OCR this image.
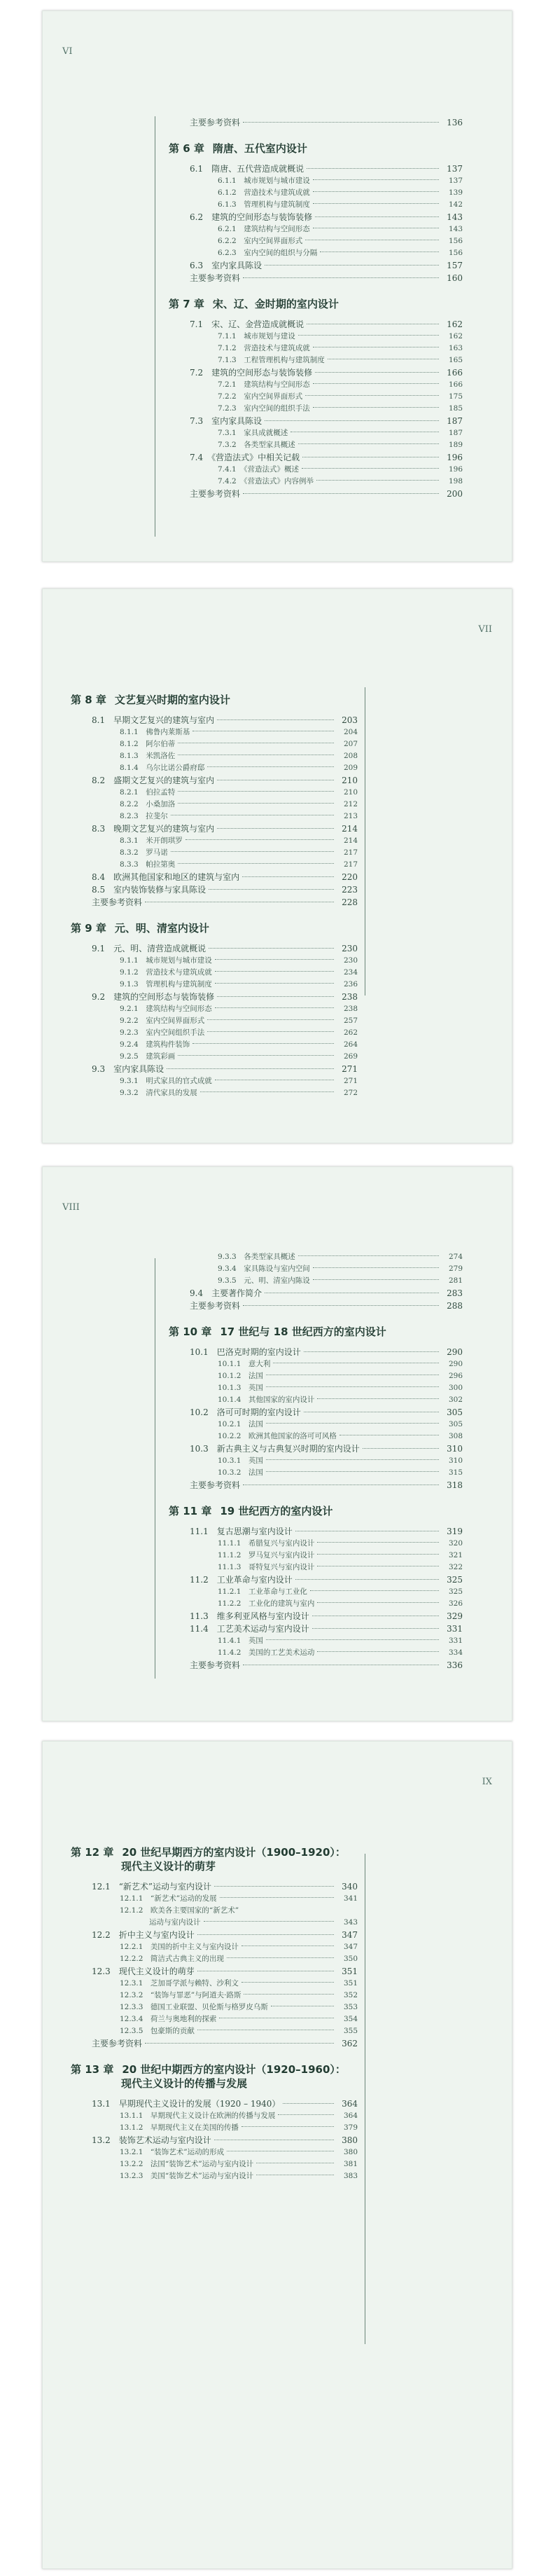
VI
主要参考资料	136
第 6 章 隋唐、五代室内设计
6.1　隋唐、五代营造成就概说	137
6.1.1　城市规划与城市建设	137
6.1.2　营造技术与建筑成就	139
6.1.3　管理机构与建筑制度	142
6.2　建筑的空间形态与装饰装修	143
6.2.1　建筑结构与空间形态	143
6.2.2　室内空间界面形式	156
6.2.3　室内空间的组织与分隔	156
6.3　室内家具陈设	157
主要参考资料	160
第 7 章 宋、辽、金时期的室内设计
7.1　宋、辽、金营造成就概说	162
7.1.1　城市规划与建设	162
7.1.2　营造技术与建筑成就	163
7.1.3　工程管理机构与建筑制度	165
7.2　建筑的空间形态与装饰装修	166
7.2.1　建筑结构与空间形态	166
7.2.2　室内空间界面形式	175
7.2.3　室内空间的组织手法	185
7.3　室内家具陈设	187
7.3.1　家具成就概述	187
7.3.2　各类型家具概述	189
7.4　《营造法式》中相关记载	196
7.4.1　《营造法式》概述	196
7.4.2　《营造法式》内容例举	198
主要参考资料	200
VII
第 8 章 文艺复兴时期的室内设计
8.1　早期文艺复兴的建筑与室内	203
8.1.1　佛鲁内莱斯基	204
8.1.2　阿尔伯蒂	207
8.1.3　米凯洛佐	208
8.1.4　乌尔比诺公爵府邸	209
8.2　盛期文艺复兴的建筑与室内	210
8.2.1　伯拉孟特	210
8.2.2　小桑加洛	212
8.2.3　拉斐尔	213
8.3　晚期文艺复兴的建筑与室内	214
8.3.1　米开朗琪罗	214
8.3.2　罗马诺	217
8.3.3　帕拉第奥	217
8.4　欧洲其他国家和地区的建筑与室内	220
8.5　室内装饰装修与家具陈设	223
主要参考资料	228
第 9 章 元、明、清室内设计
9.1　元、明、清营造成就概说	230
9.1.1　城市规划与城市建设	230
9.1.2　营造技术与建筑成就	234
9.1.3　管理机构与建筑制度	236
9.2　建筑的空间形态与装饰装修	238
9.2.1　建筑结构与空间形态	238
9.2.2　室内空间界面形式	257
9.2.3　室内空间组织手法	262
9.2.4　建筑构件装饰	264
9.2.5　建筑彩画	269
9.3　室内家具陈设	271
9.3.1　明式家具的官式成就	271
9.3.2　清代家具的发展	272
VIII
9.3.3　各类型家具概述	274
9.3.4　家具陈设与室内空间	279
9.3.5　元、明、清室内陈设	281
9.4　主要著作简介	283
主要参考资料	288
第 10 章 17 世纪与 18 世纪西方的室内设计
10.1　巴洛克时期的室内设计	290
10.1.1　意大利	290
10.1.2　法国	296
10.1.3　英国	300
10.1.4　其他国家的室内设计	302
10.2　洛可可时期的室内设计	305
10.2.1　法国	305
10.2.2　欧洲其他国家的洛可可风格	308
10.3　新古典主义与古典复兴时期的室内设计	310
10.3.1　英国	310
10.3.2　法国	315
主要参考资料	318
第 11 章 19 世纪西方的室内设计
11.1　复古思潮与室内设计	319
11.1.1　希腊复兴与室内设计	320
11.1.2　罗马复兴与室内设计	321
11.1.3　哥特复兴与室内设计	322
11.2　工业革命与室内设计	325
11.2.1　工业革命与工业化	325
11.2.2　工业化的建筑与室内	326
11.3　维多利亚风格与室内设计	329
11.4　工艺美术运动与室内设计	331
11.4.1　英国	331
11.4.2　美国的工艺美术运动	334
主要参考资料	336
IX
第 12 章 20 世纪早期西方的室内设计（1900–1920）：
现代主义设计的萌芽
12.1　“新艺术”运动与室内设计	340
12.1.1　“新艺术”运动的发展	341
12.1.2　欧美各主要国家的“新艺术”
　　　　运动与室内设计	343
12.2　折中主义与室内设计	347
12.2.1　美国的折中主义与室内设计	347
12.2.2　简洁式古典主义的出现	350
12.3　现代主义设计的萌芽	351
12.3.1　芝加哥学派与赖特、沙利文	351
12.3.2　“装饰与罪恶”与阿道夫·路斯	352
12.3.3　德国工业联盟、贝伦斯与格罗皮乌斯	353
12.3.4　荷兰与奥地利的探索	354
12.3.5　包豪斯的贡献	355
主要参考资料	362
第 13 章 20 世纪中期西方的室内设计（1920–1960）：
现代主义设计的传播与发展
13.1　早期现代主义设计的发展（1920 – 1940）	364
13.1.1　早期现代主义设计在欧洲的传播与发展	364
13.1.2　早期现代主义在美国的传播	379
13.2　装饰艺术运动与室内设计	380
13.2.1　“装饰艺术”运动的形成	380
13.2.2　法国“装饰艺术”运动与室内设计	381
13.2.3　美国“装饰艺术”运动与室内设计	383
